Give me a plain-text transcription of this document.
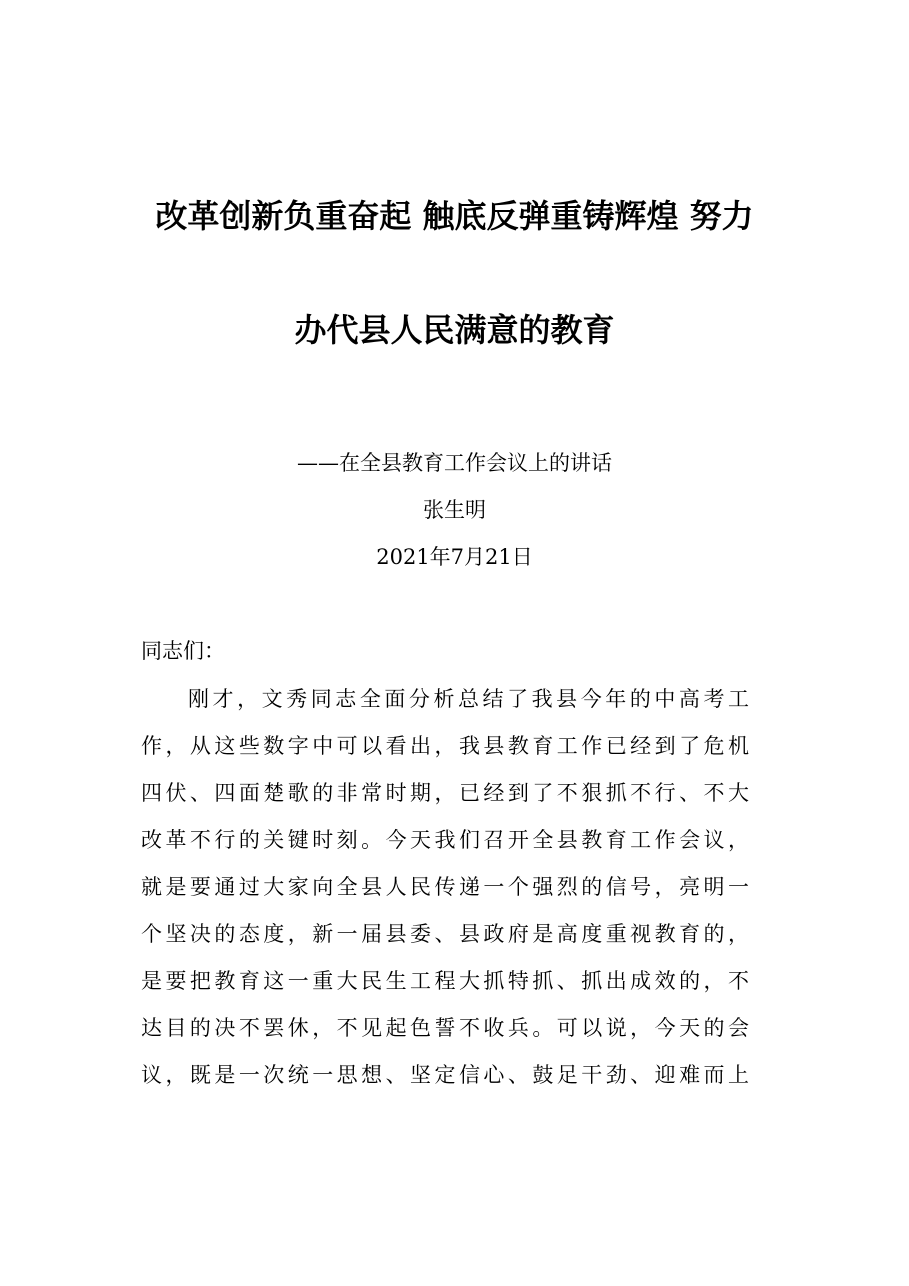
改革创新负重奋起 触底反弹重铸辉煌 努力
办代县人民满意的教育
——在全县教育工作会议上的讲话
张生明
2021年7月21日
同志们：
刚才，文秀同志全面分析总结了我县今年的中高考工
作，从这些数字中可以看出，我县教育工作已经到了危机
四伏、四面楚歌的非常时期，已经到了不狠抓不行、不大
改革不行的关键时刻。今天我们召开全县教育工作会议，
就是要通过大家向全县人民传递一个强烈的信号，亮明一
个坚决的态度，新一届县委、县政府是高度重视教育的，
是要把教育这一重大民生工程大抓特抓、抓出成效的，不
达目的决不罢休，不见起色誓不收兵。可以说，今天的会
议，既是一次统一思想、坚定信心、鼓足干劲、迎难而上
